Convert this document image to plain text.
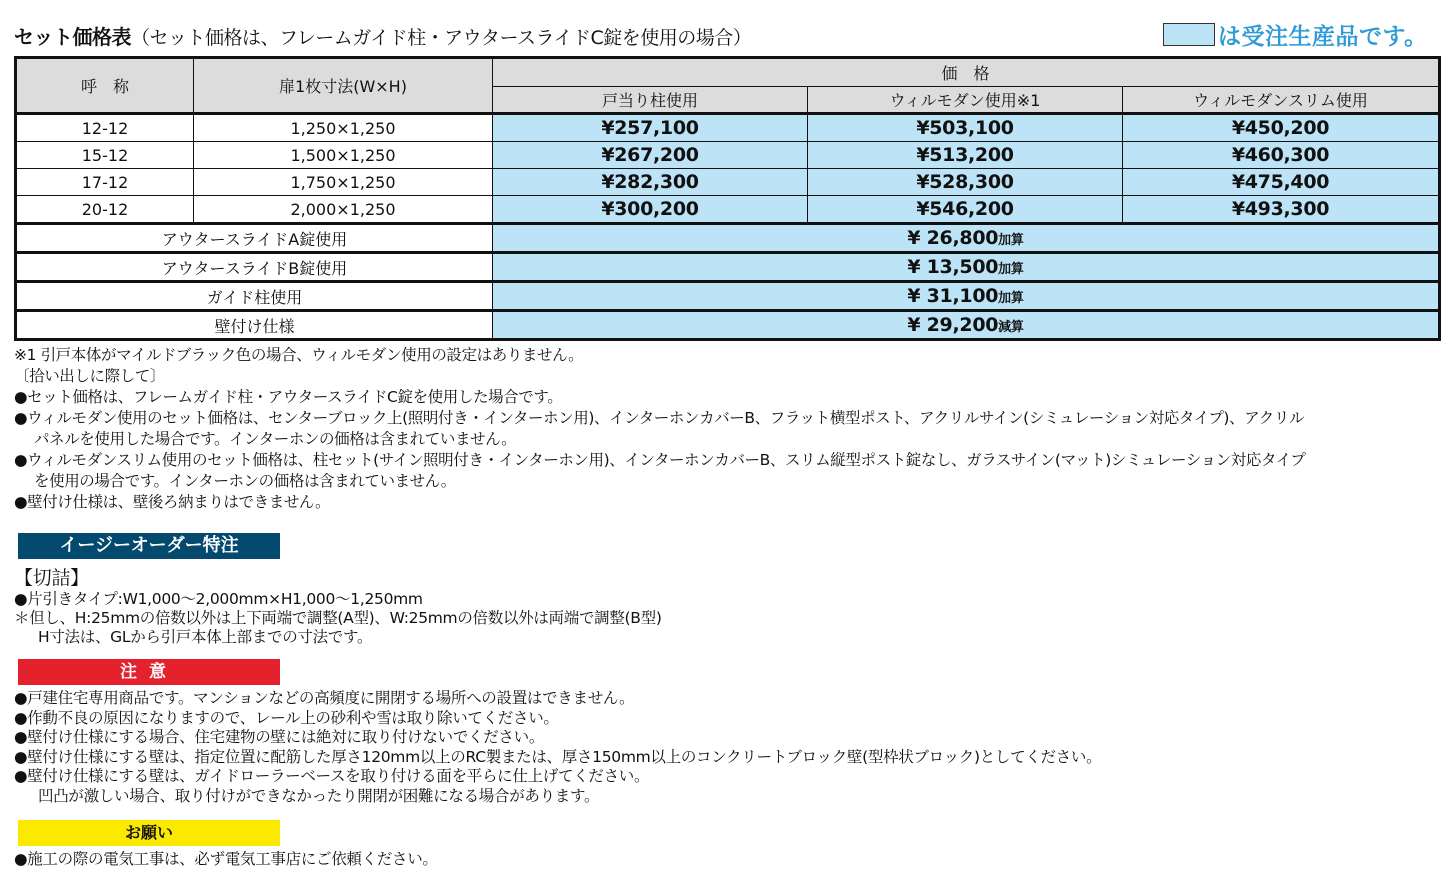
セット価格表（セット価格は、フレームガイド柱・アウタースライドC錠を使用の場合）	は受注生産品です。
呼　称	扉1枚寸法(W×H)	価　格		
		戸当り柱使用	ウィルモダン使用※1	ウィルモダンスリム使用
12-12	1,250×1,250	¥257,100	¥503,100	¥450,200
15-12	1,500×1,250	¥267,200	¥513,200	¥460,300
17-12	1,750×1,250	¥282,300	¥528,300	¥475,400
20-12	2,000×1,250	¥300,200	¥546,200	¥493,300
アウタースライドA錠使用		¥ 26,800加算		
アウタースライドB錠使用		¥ 13,500加算		
ガイド柱使用		¥ 31,100加算		
壁付け仕様		¥ 29,200減算		
※1 引戸本体がマイルドブラック色の場合、ウィルモダン使用の設定はありません。
〔拾い出しに際して〕
●セット価格は、フレームガイド柱・アウタースライドC錠を使用した場合です。
●ウィルモダン使用のセット価格は、センターブロック上(照明付き・インターホン用)、インターホンカバーB、フラット横型ポスト、アクリルサイン(シミュレーション対応タイプ)、アクリル
パネルを使用した場合です。インターホンの価格は含まれていません。
●ウィルモダンスリム使用のセット価格は、柱セット(サイン照明付き・インターホン用)、インターホンカバーB、スリム縦型ポスト錠なし、ガラスサイン(マット)シミュレーション対応タイプ
を使用の場合です。インターホンの価格は含まれていません。
●壁付け仕様は、壁後ろ納まりはできません。
イージーオーダー特注
【切詰】
●片引きタイプ:W1,000〜2,000mm×H1,000〜1,250mm
＊但し、H:25mmの倍数以外は上下両端で調整(A型)、W:25mmの倍数以外は両端で調整(B型)
H寸法は、GLから引戸本体上部までの寸法です。
注意
●戸建住宅専用商品です。マンションなどの高頻度に開閉する場所への設置はできません。
●作動不良の原因になりますので、レール上の砂利や雪は取り除いてください。
●壁付け仕様にする場合、住宅建物の壁には絶対に取り付けないでください。
●壁付け仕様にする壁は、指定位置に配筋した厚さ120mm以上のRC製または、厚さ150mm以上のコンクリートブロック壁(型枠状ブロック)としてください。
●壁付け仕様にする壁は、ガイドローラーベースを取り付ける面を平らに仕上げてください。
凹凸が激しい場合、取り付けができなかったり開閉が困難になる場合があります。
お願い
●施工の際の電気工事は、必ず電気工事店にご依頼ください。
